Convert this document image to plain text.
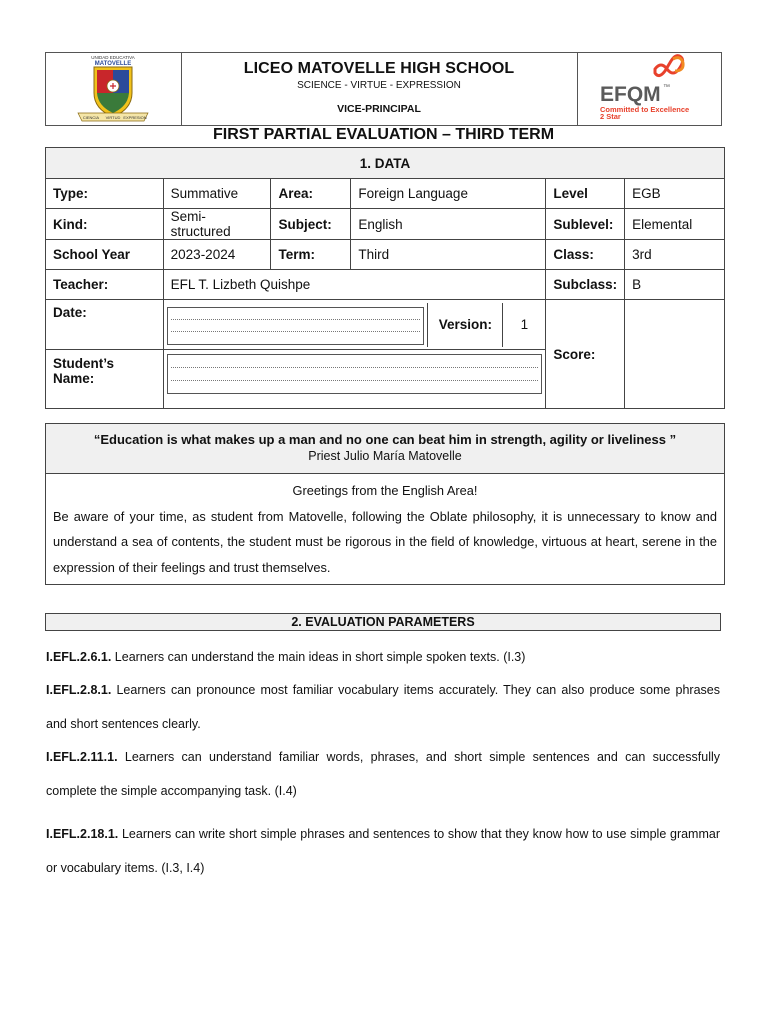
UNIDAD EDUCATIVA
MATOVELLE
CIENCIA VIRTUD EXPRESION
LICEO MATOVELLE HIGH SCHOOL
SCIENCE - VIRTUE - EXPRESSION
VICE-PRINCIPAL
EFQM ™
Committed to Excellence
2 Star
FIRST PARTIAL EVALUATION – THIRD TERM
1. DATA					
Type:	Summative	Area:	Foreign Language	Level	EGB
Kind:	Semi-structured	Subject:	English	Sublevel:	Elemental
School Year	2023-2024	Term:	Third	Class:	3rd
Teacher:	EFL T. Lizbeth Quishpe			Subclass:	B
Date:	Version: 1			Score:	
Student’s Name:					
“Education is what makes up a man and no one can beat him in strength, agility or liveliness ”
Priest Julio María Matovelle
Greetings from the English Area!
Be aware of your time, as student from Matovelle, following the Oblate philosophy, it is unnecessary to know and understand a sea of contents, the student must be rigorous in the field of knowledge, virtuous at heart, serene in the expression of their feelings and trust themselves.
2. EVALUATION PARAMETERS
I.EFL.2.6.1. Learners can understand the main ideas in short simple spoken texts. (I.3)
I.EFL.2.8.1. Learners can pronounce most familiar vocabulary items accurately. They can also produce some phrases and short sentences clearly.
I.EFL.2.11.1. Learners can understand familiar words, phrases, and short simple sentences and can successfully complete the simple accompanying task. (I.4)
I.EFL.2.18.1. Learners can write short simple phrases and sentences to show that they know how to use simple grammar or vocabulary items. (I.3, I.4)
